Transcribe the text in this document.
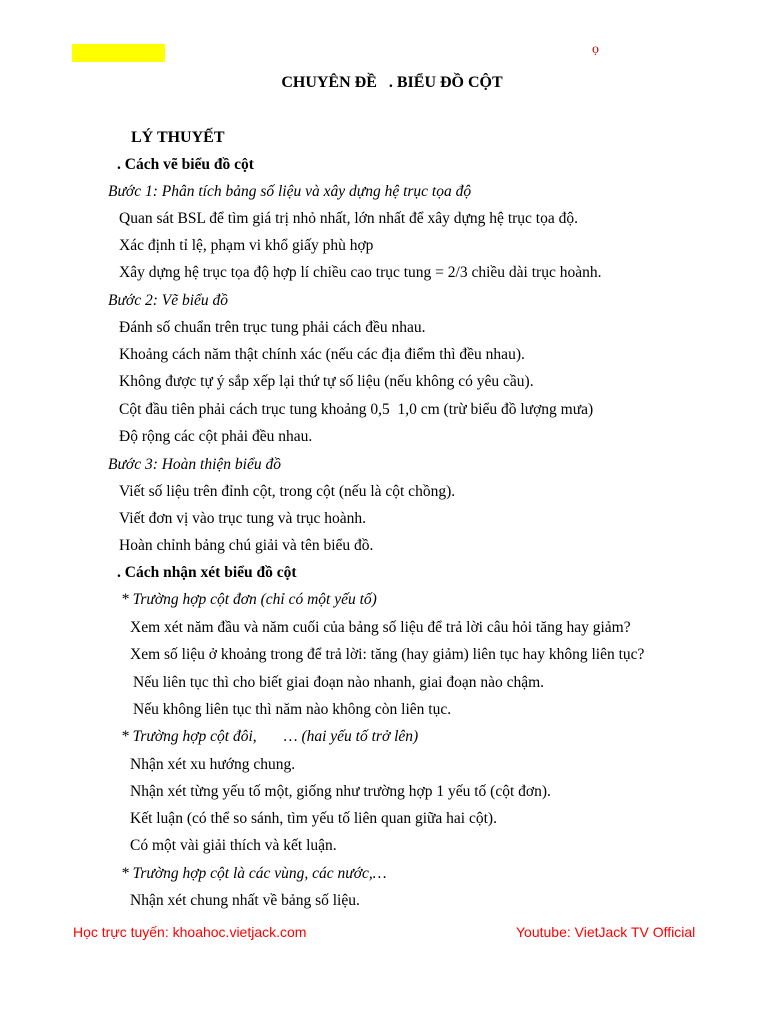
ọ
CHUYÊN ĐỀ   . BIỂU ĐỒ CỘT
LÝ THUYẾT
. Cách vẽ biểu đồ cột
Bước 1: Phân tích bảng số liệu và xây dựng hệ trục tọa độ
Quan sát BSL để tìm giá trị nhỏ nhất, lớn nhất để xây dựng hệ trục tọa độ.
Xác định tỉ lệ, phạm vi khổ giấy phù hợp
Xây dựng hệ trục tọa độ hợp lí chiều cao trục tung = 2/3 chiều dài trục hoành.
Bước 2: Vẽ biểu đồ
Đánh số chuẩn trên trục tung phải cách đều nhau.
Khoảng cách năm thật chính xác (nếu các địa điểm thì đều nhau).
Không được tự ý sắp xếp lại thứ tự số liệu (nếu không có yêu cầu).
Cột đầu tiên phải cách trục tung khoảng 0,5  1,0 cm (trừ biểu đồ lượng mưa)
Độ rộng các cột phải đều nhau.
Bước 3: Hoàn thiện biểu đồ
Viết số liệu trên đỉnh cột, trong cột (nếu là cột chồng).
Viết đơn vị vào trục tung và trục hoành.
Hoàn chỉnh bảng chú giải và tên biểu đồ.
. Cách nhận xét biểu đồ cột
* Trường hợp cột đơn (chỉ có một yếu tố)
Xem xét năm đầu và năm cuối của bảng số liệu để trả lời câu hỏi tăng hay giảm?
Xem số liệu ở khoảng trong để trả lời: tăng (hay giảm) liên tục hay không liên tục?
Nếu liên tục thì cho biết giai đoạn nào nhanh, giai đoạn nào chậm.
Nếu không liên tục thì năm nào không còn liên tục.
* Trường hợp cột đôi,       … (hai yếu tố trở lên)
Nhận xét xu hướng chung.
Nhận xét từng yếu tố một, giống như trường hợp 1 yếu tố (cột đơn).
Kết luận (có thể so sánh, tìm yếu tố liên quan giữa hai cột).
Có một vài giải thích và kết luận.
* Trường hợp cột là các vùng, các nước,…
Nhận xét chung nhất về bảng số liệu.
Học trực tuyến: khoahoc.vietjack.com	Youtube: VietJack TV Official
